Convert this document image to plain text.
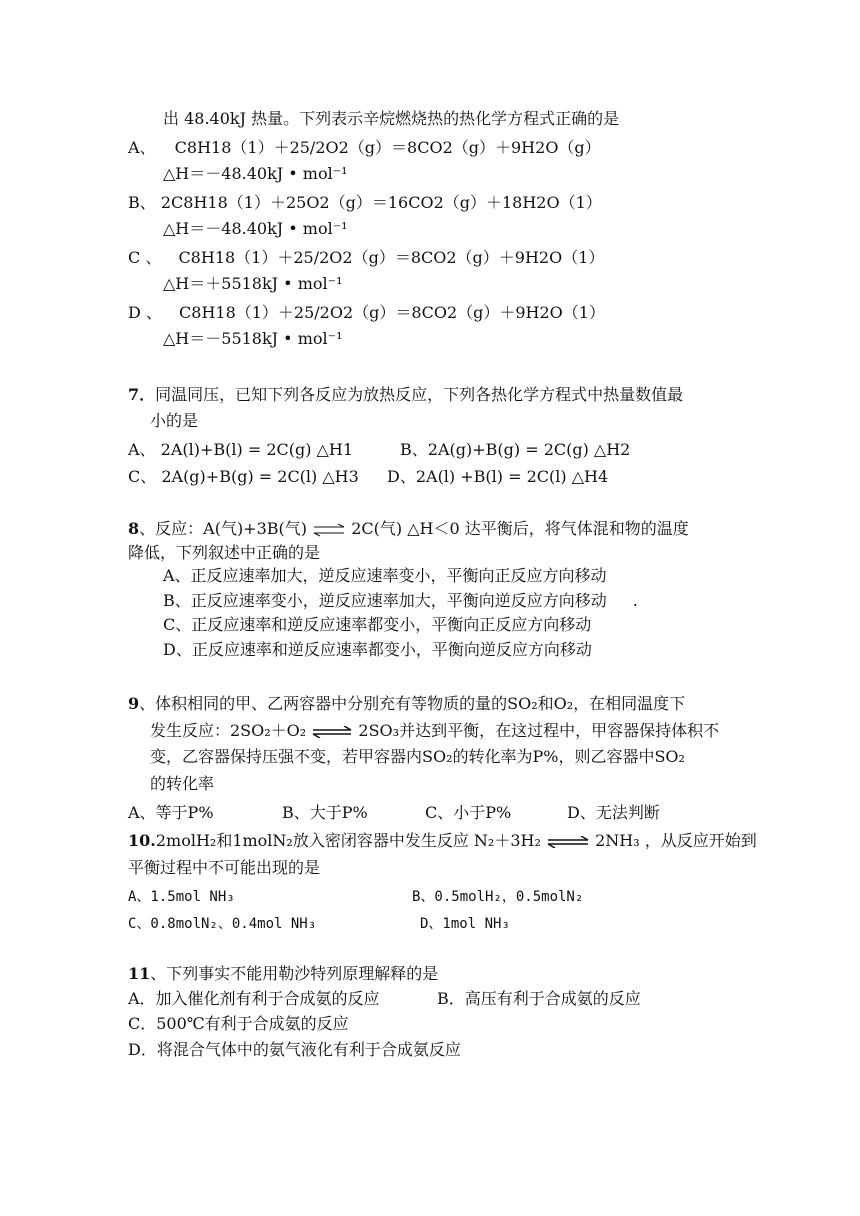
出 48.40kJ 热量。下列表示辛烷燃烧热的热化学方程式正确的是
A、 C8H18（1）＋25/2O2（g）＝8CO2（g）＋9H2O（g）
△H＝－48.40kJ • mol⁻¹
B、 2C8H18（1）＋25O2（g）＝16CO2（g）＋18H2O（1）
△H＝－48.40kJ • mol⁻¹
C 、 C8H18（1）＋25/2O2（g）＝8CO2（g）＋9H2O（1）
△H＝＋5518kJ • mol⁻¹
D 、 C8H18（1）＋25/2O2（g）＝8CO2（g）＋9H2O（1）
△H＝－5518kJ • mol⁻¹
7．同温同压，已知下列各反应为放热反应，下列各热化学方程式中热量数值最
小的是
A、 2A(l)+B(l) = 2C(g) △H1	B、2A(g)+B(g) = 2C(g) △H2
C、 2A(g)+B(g) = 2C(l) △H3 D、2A(l) +B(l) = 2C(l) △H4
8、反应：A(气)+3B(气) ⇌ 2C(气) △H＜0 达平衡后，将气体混和物的温度
降低，下列叙述中正确的是
A、正反应速率加大，逆反应速率变小，平衡向正反应方向移动
B、正反应速率变小，逆反应速率加大，平衡向逆反应方向移动 .
C、正反应速率和逆反应速率都变小，平衡向正反应方向移动
D、正反应速率和逆反应速率都变小，平衡向逆反应方向移动
9、体积相同的甲、乙两容器中分别充有等物质的量的SO₂和O₂，在相同温度下
发生反应：2SO₂＋O₂ ⇌ 2SO₃并达到平衡，在这过程中，甲容器保持体积不
变，乙容器保持压强不变，若甲容器内SO₂的转化率为P%，则乙容器中SO₂
的转化率
A、等于P%	B、大于P%	C、小于P%	D、无法判断
10.2molH₂和1molN₂放入密闭容器中发生反应 N₂＋3H₂ ⇌ 2NH₃ ，从反应开始到
平衡过程中不可能出现的是
A、1.5mol NH₃	B、0.5molH₂，0.5molN₂
C、0.8molN₂、0.4mol NH₃	D、1mol NH₃
11、下列事实不能用勒沙特列原理解释的是
A．加入催化剂有利于合成氨的反应	B．高压有利于合成氨的反应
C．500℃有利于合成氨的反应
D．将混合气体中的氨气液化有利于合成氨反应
